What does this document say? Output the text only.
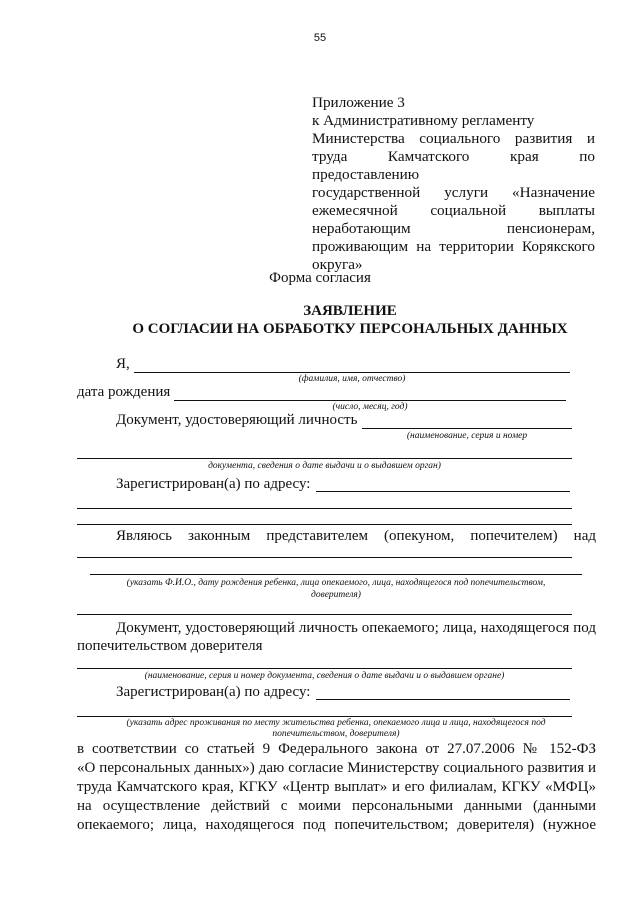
55
Приложение 3
к Административному регламенту
Министерства социального развития и
труда Камчатского края по предоставлению
государственной услуги «Назначение
ежемесячной социальной выплаты
неработающим пенсионерам,
проживающим на территории Корякского
округа»
Форма согласия
ЗАЯВЛЕНИЕ
О СОГЛАСИИ НА ОБРАБОТКУ ПЕРСОНАЛЬНЫХ ДАННЫХ
Я,
(фамилия, имя, отчество)
дата рождения
(число, месяц, год)
Документ, удостоверяющий личность
(наименование, серия и номер
документа, сведения о дате выдачи и о выдавшем орган)
Зарегистрирован(а) по адресу:
Являюсь законным представителем (опекуном, попечителем) над
(указать Ф.И.О., дату рождения ребенка, лица опекаемого, лица, находящегося под попечительством,
доверителя)
Документ, удостоверяющий личность опекаемого; лица, находящегося под
попечительством доверителя
(наименование, серия и номер документа, сведения о дате выдачи и о выдавшем органе)
Зарегистрирован(а) по адресу:
(указать адрес проживания по месту жительства ребенка, опекаемого лица и лица, находящегося под
попечительством, доверителя)
в соответствии со статьей 9 Федерального закона от 27.07.2006 № 152-ФЗ
«О персональных данных») даю согласие Министерству социального развития и
труда Камчатского края, КГКУ «Центр выплат» и его филиалам, КГКУ «МФЦ»
на осуществление действий с моими персональными данными (данными
опекаемого; лица, находящегося под попечительством; доверителя) (нужное
